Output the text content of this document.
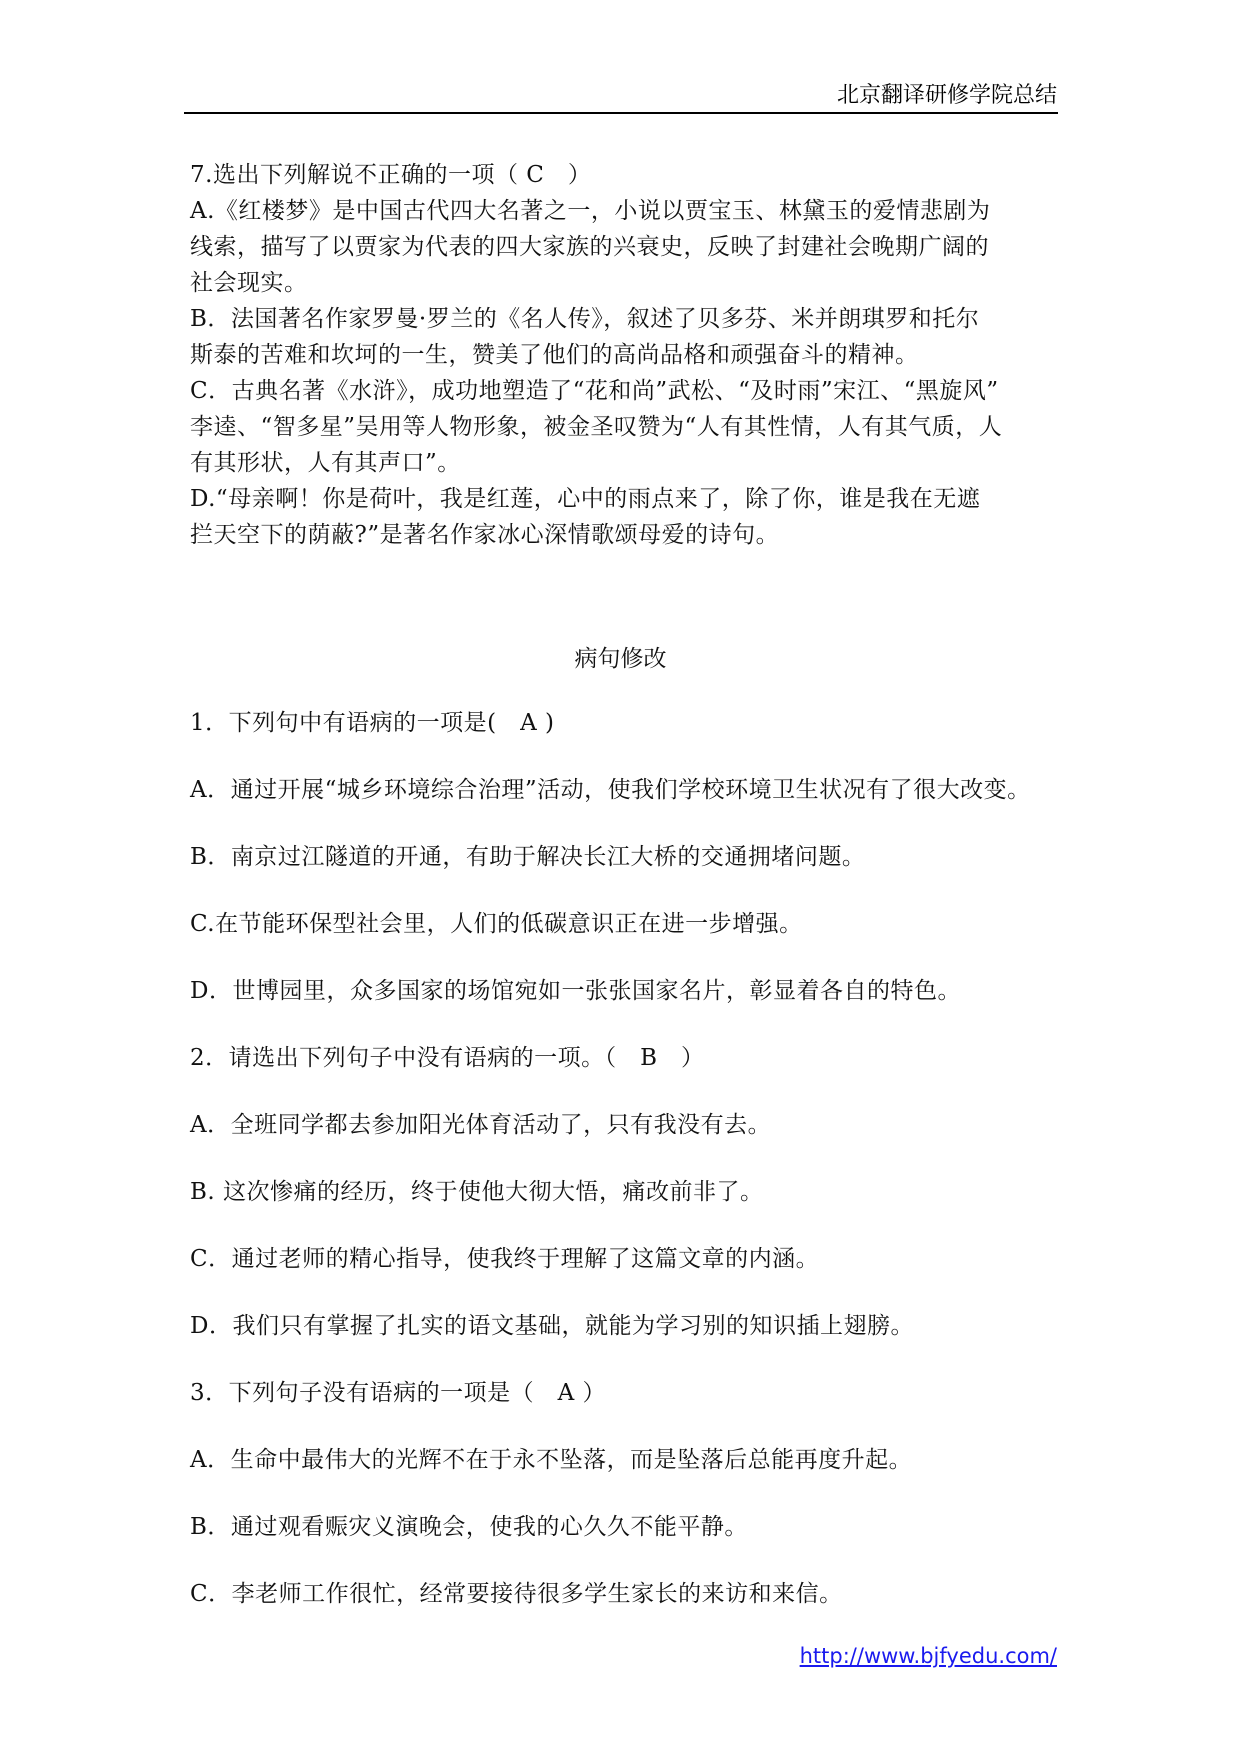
北京翻译研修学院总结

7.选出下列解说不正确的一项（ C　）

A.《红楼梦》是中国古代四大名著之一，小说以贾宝玉、林黛玉的爱情悲剧为

线索，描写了以贾家为代表的四大家族的兴衰史，反映了封建社会晚期广阔的

社会现实。

B．法国著名作家罗曼·罗兰的《名人传》，叙述了贝多芬、米并朗琪罗和托尔

斯泰的苦难和坎坷的一生，赞美了他们的高尚品格和顽强奋斗的精神。

C．古典名著《水浒》，成功地塑造了“花和尚”武松、“及时雨”宋江、“黑旋风”

李逵、“智多星”吴用等人物形象，被金圣叹赞为“人有其性情，人有其气质，人

有其形状，人有其声口”。

D.“母亲啊！你是荷叶，我是红莲，心中的雨点来了，除了你，谁是我在无遮

拦天空下的荫蔽?”是著名作家冰心深情歌颂母爱的诗句。

病句修改
1．下列句中有语病的一项是(　A )
A．通过开展“城乡环境综合治理”活动，使我们学校环境卫生状况有了很大改变。
B．南京过江隧道的开通，有助于解决长江大桥的交通拥堵问题。
C.在节能环保型社会里，人们的低碳意识正在进一步增强。
D．世博园里，众多国家的场馆宛如一张张国家名片，彰显着各自的特色。
2．请选出下列句子中没有语病的一项。（　B　）
A．全班同学都去参加阳光体育活动了，只有我没有去。
B. 这次惨痛的经历，终于使他大彻大悟，痛改前非了。
C．通过老师的精心指导，使我终于理解了这篇文章的内涵。
D．我们只有掌握了扎实的语文基础，就能为学习别的知识插上翅膀。
3．下列句子没有语病的一项是（　A ）
A．生命中最伟大的光辉不在于永不坠落，而是坠落后总能再度升起。
B．通过观看赈灾义演晚会，使我的心久久不能平静。
C．李老师工作很忙，经常要接待很多学生家长的来访和来信。
http://www.bjfyedu.com/
